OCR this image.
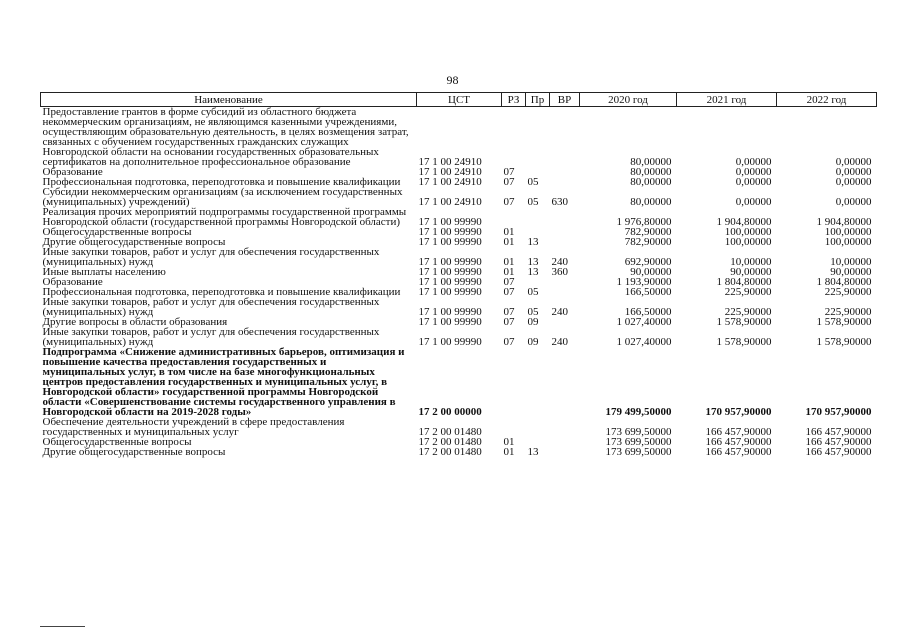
98
Наименование	ЦСТ	РЗ	Пр	ВР	2020 год	2021 год	2022 год
Предоставление грантов в форме субсидий из областного бюджета некоммерческим организациям, не являющимся казенными учреждениями, осуществляющим образовательную деятельность, в целях возмещения затрат, связанных с обучением государственных гражданских служащих Новгородской области на основании государственных образовательных сертификатов на дополнительное профессиональное образование	17 1 00 24910				80,00000	0,00000	0,00000
Образование	17 1 00 24910	07			80,00000	0,00000	0,00000
Профессиональная подготовка, переподготовка и повышение квалификации	17 1 00 24910	07	05		80,00000	0,00000	0,00000
Субсидии некоммерческим организациям (за исключением государственных (муниципальных) учреждений)	17 1 00 24910	07	05	630	80,00000	0,00000	0,00000
Реализация прочих мероприятий подпрограммы государственной программы Новгородской области (государственной программы Новгородской области)	17 1 00 99990				1 976,80000	1 904,80000	1 904,80000
Общегосударственные вопросы	17 1 00 99990	01			782,90000	100,00000	100,00000
Другие общегосударственные вопросы	17 1 00 99990	01	13		782,90000	100,00000	100,00000
Иные закупки товаров, работ и услуг для обеспечения государственных (муниципальных) нужд	17 1 00 99990	01	13	240	692,90000	10,00000	10,00000
Иные выплаты населению	17 1 00 99990	01	13	360	90,00000	90,00000	90,00000
Образование	17 1 00 99990	07			1 193,90000	1 804,80000	1 804,80000
Профессиональная подготовка, переподготовка и повышение квалификации	17 1 00 99990	07	05		166,50000	225,90000	225,90000
Иные закупки товаров, работ и услуг для обеспечения государственных (муниципальных) нужд	17 1 00 99990	07	05	240	166,50000	225,90000	225,90000
Другие вопросы в области образования	17 1 00 99990	07	09		1 027,40000	1 578,90000	1 578,90000
Иные закупки товаров, работ и услуг для обеспечения государственных (муниципальных) нужд	17 1 00 99990	07	09	240	1 027,40000	1 578,90000	1 578,90000
Подпрограмма «Снижение административных барьеров, оптимизация и повышение качества предоставления государственных и муниципальных услуг, в том числе на базе многофункциональных центров предоставления государственных и муниципальных услуг, в Новгородской области» государственной программы Новгородской области «Совершенствование системы государственного управления в Новгородской области на 2019-2028 годы»	17 2 00 00000				179 499,50000	170 957,90000	170 957,90000
Обеспечение деятельности учреждений в сфере предоставления государственных и муниципальных услуг	17 2 00 01480				173 699,50000	166 457,90000	166 457,90000
Общегосударственные вопросы	17 2 00 01480	01			173 699,50000	166 457,90000	166 457,90000
Другие общегосударственные вопросы	17 2 00 01480	01	13		173 699,50000	166 457,90000	166 457,90000
